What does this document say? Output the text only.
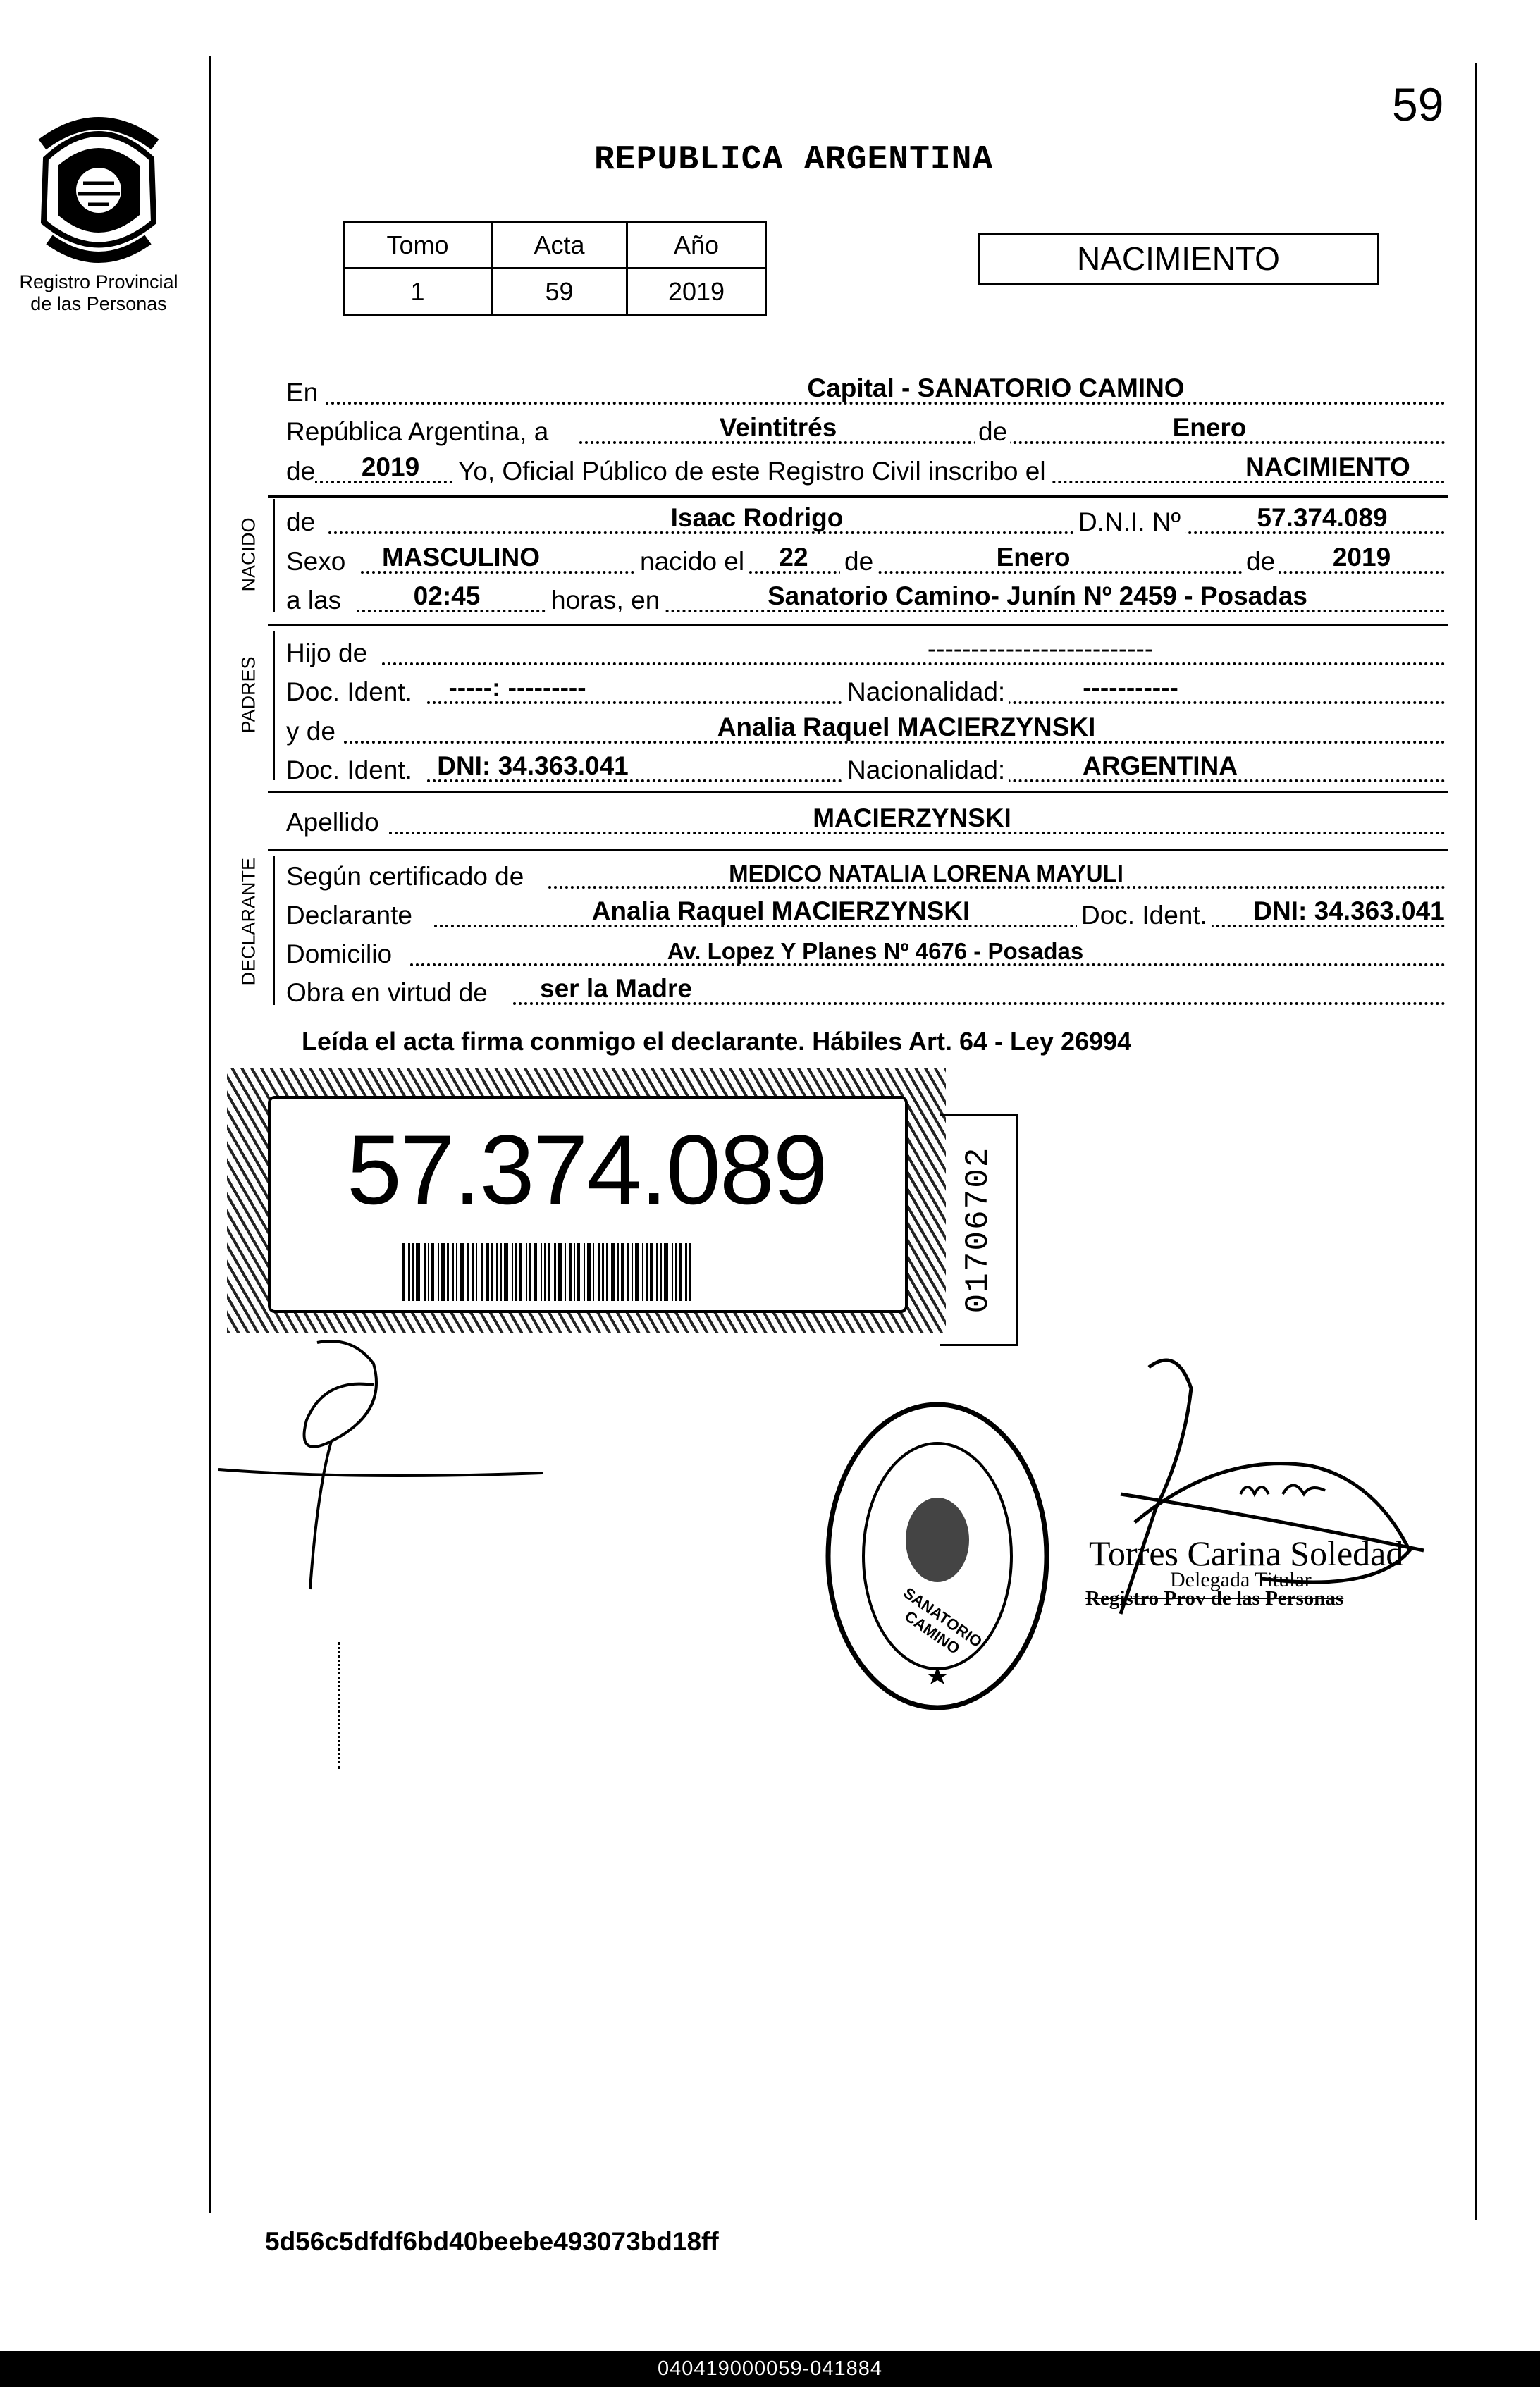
Registro Provincial
de las Personas
59
REPUBLICA ARGENTINA
Tomo	Acta	Año
1	59	2019
NACIMIENTO
En	Capital - SANATORIO CAMINO
República Argentina, a	Veintitrés	de	Enero
de 2019 Yo, Oficial Público de este Registro Civil inscribo el	NACIMIENTO
NACIDO de	Isaac Rodrigo	D.N.I. Nº	57.374.089
Sexo MASCULINO	nacido el 22 de	Enero	de 2019
a las	02:45	horas, en	Sanatorio Camino- Junín Nº 2459 - Posadas
PADRES
Hijo de	--------------------------
Doc. Ident. -----: ---------	Nacionalidad:	-----------
y de	Analia Raquel MACIERZYNSKI
Doc. Ident. DNI: 34.363.041	Nacionalidad:	ARGENTINA
Apellido	MACIERZYNSKI
DECLARANTE Según certificado de	MEDICO NATALIA LORENA MAYULI
Declarante	Analia Raquel MACIERZYNSKI	Doc. Ident. DNI: 34.363.041
Domicilio	Av. Lopez Y Planes Nº 4676 - Posadas
Obra en virtud de ser la Madre
Leída el acta firma conmigo el declarante. Hábiles Art. 64 - Ley 26994
57.374.089	01706702
SANATORIO CAMINO
Torres Carina Soledad
Delegada Titular
Registro Prov de las Personas
5d56c5dfdf6bd40beebe493073bd18ff
040419000059-041884
